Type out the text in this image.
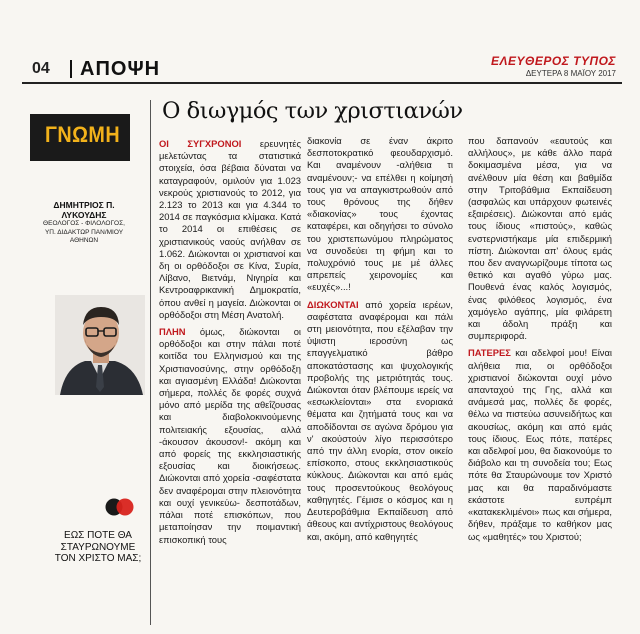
04 ΑΠΟΨΗ	ΕΛΕΥΘΕΡΟΣ ΤΥΠΟΣ
ΔΕΥΤΕΡΑ 8 ΜΑΪΟΥ 2017
ΓΝΩΜΗ
ΔΗΜΗΤΡΙΟΣ Π.
ΛΥΚΟΥΔΗΣ
ΘΕΟΛΟΓΟΣ - ΦΙΛΟΛΟΓΟΣ,
ΥΠ. ΔΙΔΑΚΤΩΡ ΠΑΝ/ΜΙΟΥ
ΑΘΗΝΩΝ
ΕΩΣ ΠΟΤΕ ΘΑ
ΣΤΑΥΡΩΝΟΥΜΕ
ΤΟΝ ΧΡΙΣΤΟ ΜΑΣ;
Ο διωγμός των χριστιανών

ΟΙ ΣΥΓΧΡΟΝΟΙ ερευνητές μελετώντας τα στατιστικά στοιχεία, όσα βέβαια δύναται να καταγραφούν, ομιλούν για 1.023 νεκρούς χριστιανούς το 2012, για 2.123 το 2013 και για 4.344 το 2014 σε παγκόσμια κλίμακα. Κατά το 2014 οι επιθέσεις σε χριστιανικούς ναούς ανήλθαν σε 1.062. Διώκονται οι χριστιανοί και δη οι ορθόδοξοι σε Κίνα, Συρία, Λίβανο, Βιετνάμ, Νιγηρία και Κεντροαφρικανική Δημοκρατία, όπου ανθεί η μαγεία. Διώκονται οι ορθόδοξοι στη Μέση Ανατολή.

ΠΛΗΝ όμως, διώκονται οι ορθόδοξοι και στην πάλαι ποτέ κοιτίδα του Ελληνισμού και της Χριστιανοσύνης, στην ορθόδοξη και αγιασμένη Ελλάδα! Διώκονται σήμερα, πολλές δε φορές συχνά μόνο από μερίδα της αθεΐζουσας και διαβολοκινούμενης πολιτειακής εξουσίας, αλλά -άκουσον άκουσον!- ακόμη και από φορείς της εκκλησιαστικής εξουσίας και διοικήσεως. Διώκονται από χορεία -σαφέστατα δεν αναφέρομαι στην πλειονότητα και ουχί γενικεύω- δεσποτάδων, πάλαι ποτέ επισκόπων, που μεταποίησαν την ποιμαντική επισκοπική τους

διακονία σε έναν άκριτο δεσποτοκρατικό φεουδαρχισμό. Και αναμένουν -αλήθεια τι αναμένουν;- να επέλθει η κοίμησή τους για να απαγκιστρωθούν από τους θρόνους της δήθεν «διακονίας» τους έχοντας καταφέρει, και οδηγήσει το σύνολο του χριστεπωνύμου πληρώματος να συνοδεύει τη φήμη και το πολυχρόνιό τους με μέ άλλες απρεπείς χειρονομίες και «ευχές»...!

ΔΙΩΚΟΝΤΑΙ από χορεία ιερέων, σαφέστατα αναφέρομαι και πάλι στη μειονότητα, που εξέλαβαν την ύψιστη ιεροσύνη ως επαγγελματικό βάθρο αποκατάστασης και ψυχολογικής προβολής της μετριότητάς τους. Διώκονται όταν βλέπουμε ιερείς να «εσωκλείονται» στα ενοριακά θέματα και ζητήματά τους και να αποδίδονται σε αγώνα δρόμου για ν' ακούστούν λίγο περισσότερο από την άλλη ενορία, στον οικείο επίσκοπο, στους εκκλησιαστικούς κύκλους. Διώκονται και από εμάς τους προσεντούκους θεολόγους καθηγητές. Γέμισε ο κόσμος και η Δευτεροβάθμια Εκπαίδευση από άθεους και αντίχριστους θεολόγους και, ακόμη, από καθηγητές

που δαπανούν «εαυτούς και αλλήλους», με κάθε άλλο παρά δοκιμασμένα μέσα, για να ανέλθουν μία θέση και βαθμίδα στην Τριτοβάθμια Εκπαίδευση (ασφαλώς και υπάρχουν φωτεινές εξαιρέσεις). Διώκονται από εμάς τους ίδιους «πιστούς», καθώς ενστερνιστήκαμε μία επιδερμική πίστη. Διώκονται απ' όλους εμάς που δεν αναγνωρίζουμε τίποτα ως θετικό και αγαθό γύρω μας. Πουθενά ένας καλός λογισμός, ένας φιλόθεος λογισμός, ένα χαμόγελο αγάπης, μία φιλάρετη και άδολη πράξη και συμπεριφορά.

ΠΑΤΕΡΕΣ και αδελφοί μου! Είναι αλήθεια πια, οι ορθόδοξοι χριστιανοί διώκονται ουχί μόνο απανταχού της Γης, αλλά και ανάμεσά μας, πολλές δε φορές, θέλω να πιστεύω ασυνειδήτως και ακουσίως, ακόμη και από εμάς τους ίδιους. Εως πότε, πατέρες και αδελφοί μου, θα διακονούμε το διάβολο και τη συνοδεία του; Εως πότε θα Σταυρώνουμε τον Χριστό μας και θα παραδινόμαστε εκάστοτε ευπρέμπ «κατακεκλιμένοι» πως και σήμερα, δήθεν, πράξαμε το καθήκον μας ως «μαθητές» του Χριστού;
